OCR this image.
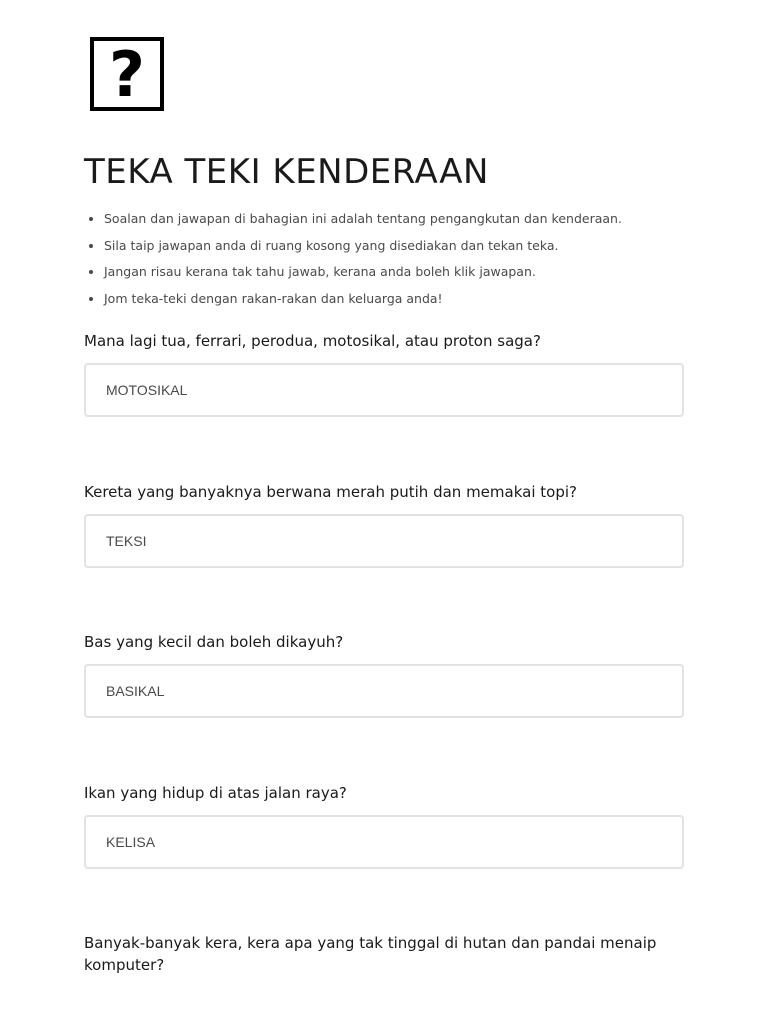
?
TEKA TEKI KENDERAAN
• Soalan dan jawapan di bahagian ini adalah tentang pengangkutan dan kenderaan.
• Sila taip jawapan anda di ruang kosong yang disediakan dan tekan teka.
• Jangan risau kerana tak tahu jawab, kerana anda boleh klik jawapan.
• Jom teka-teki dengan rakan-rakan dan keluarga anda!

Mana lagi tua, ferrari, perodua, motosikal, atau proton saga?

MOTOSIKAL

Kereta yang banyaknya berwana merah putih dan memakai topi?

TEKSI

Bas yang kecil dan boleh dikayuh?

BASIKAL

Ikan yang hidup di atas jalan raya?

KELISA

Banyak-banyak kera, kera apa yang tak tinggal di hutan dan pandai menaip komputer?
